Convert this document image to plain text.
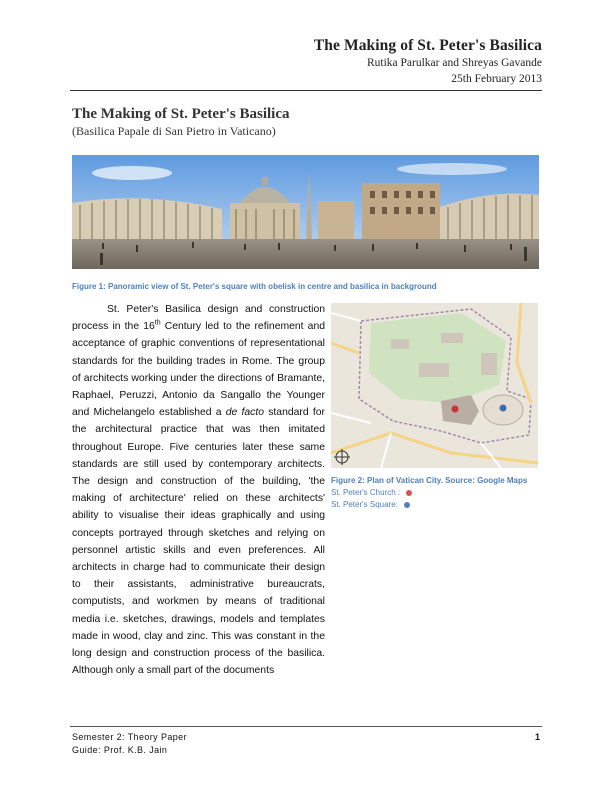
The Making of St. Peter's Basilica
Rutika Parulkar and Shreyas Gavande
25th February 2013
The Making of St. Peter's Basilica
(Basilica Papale di San Pietro in Vaticano)
Figure 1: Panoramic view of St. Peter's square with obelisk in centre and basilica in background

St. Peter's Basilica design and construction process in the 16th Century led to the refinement and acceptance of graphic conventions of representational standards for the building trades in Rome. The group of architects working under the directions of Bramante, Raphael, Peruzzi, Antonio da Sangallo the Younger and Michelangelo established a de facto standard for the architectural practice that was then imitated throughout Europe. Five centuries later these same standards are still used by contemporary architects. The design and construction of the building, 'the making of architecture' relied on these architects' ability to visualise their ideas graphically and using concepts portrayed through sketches and relying on personnel artistic skills and even preferences. All architects in charge had to communicate their design to their assistants, administrative bureaucrats, computists, and workmen by means of traditional media i.e. sketches, drawings, models and templates made in wood, clay and zinc. This was constant in the long design and construction process of the basilica. Although only a small part of the documents

Figure 2: Plan of Vatican City. Source: Google Maps
St. Peter's Church :
St. Peter's Square:
Semester 2: Theory Paper
Guide: Prof. K.B. Jain
1
